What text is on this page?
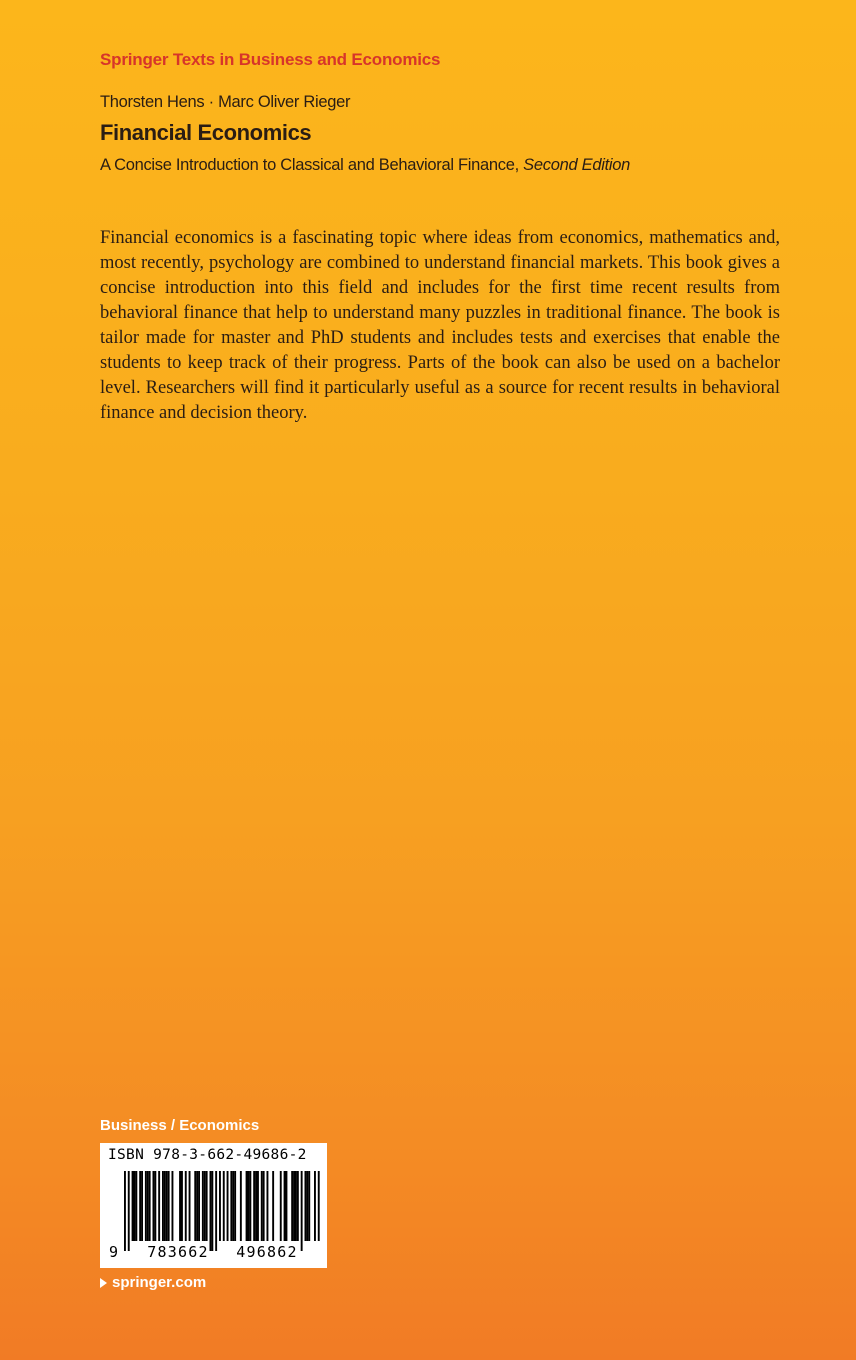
Springer Texts in Business and Economics
Thorsten Hens · Marc Oliver Rieger
Financial Economics
A Concise Introduction to Classical and Behavioral Finance, Second Edition

Financial economics is a fascinating topic where ideas from economics, mathematics and, most recently, psychology are combined to understand financial markets. This book gives a concise introduction into this field and includes for the first time recent results from behavioral finance that help to understand many puzzles in traditional finance. The book is tailor made for master and PhD students and includes tests and exercises that enable the students to keep track of their progress. Parts of the book can also be used on a bachelor level. Researchers will find it particularly useful as a source for recent results in behavioral finance and decision theory.

Business / Economics
ISBN 978-3-662-49686-2
9	783662	496862
springer.com
